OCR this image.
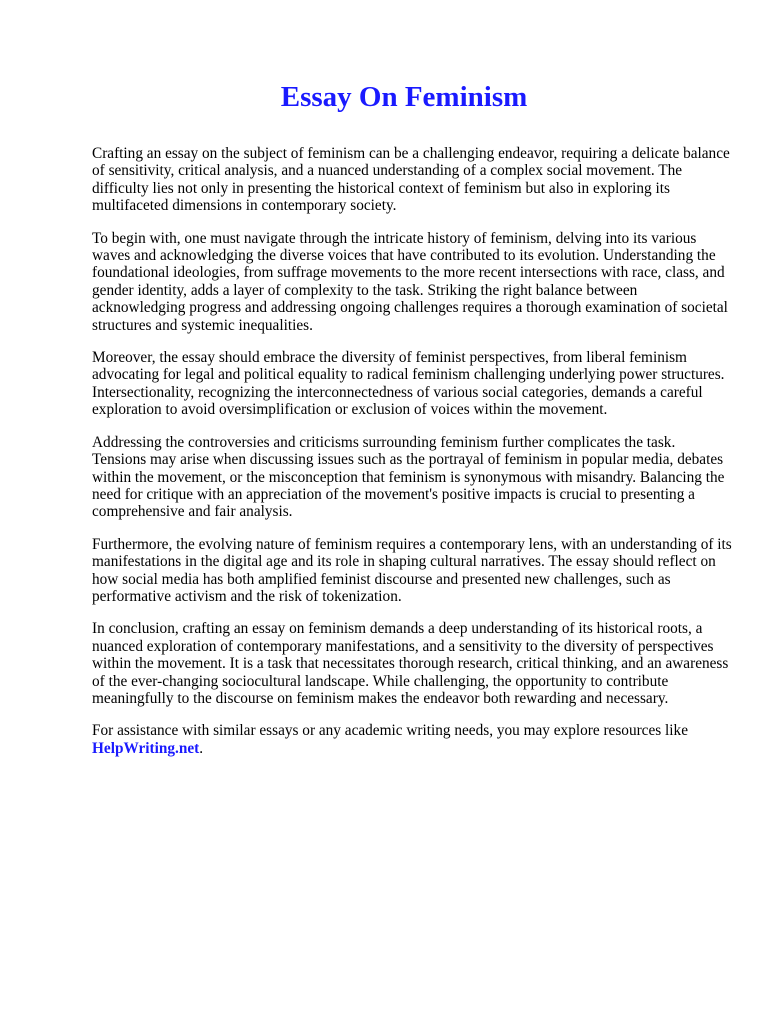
Essay On Feminism

Crafting an essay on the subject of feminism can be a challenging endeavor, requiring a delicate balance of sensitivity, critical analysis, and a nuanced understanding of a complex social movement. The difficulty lies not only in presenting the historical context of feminism but also in exploring its multifaceted dimensions in contemporary society.

To begin with, one must navigate through the intricate history of feminism, delving into its various waves and acknowledging the diverse voices that have contributed to its evolution. Understanding the foundational ideologies, from suffrage movements to the more recent intersections with race, class, and gender identity, adds a layer of complexity to the task. Striking the right balance between acknowledging progress and addressing ongoing challenges requires a thorough examination of societal structures and systemic inequalities.

Moreover, the essay should embrace the diversity of feminist perspectives, from liberal feminism advocating for legal and political equality to radical feminism challenging underlying power structures. Intersectionality, recognizing the interconnectedness of various social categories, demands a careful exploration to avoid oversimplification or exclusion of voices within the movement.

Addressing the controversies and criticisms surrounding feminism further complicates the task. Tensions may arise when discussing issues such as the portrayal of feminism in popular media, debates within the movement, or the misconception that feminism is synonymous with misandry. Balancing the need for critique with an appreciation of the movement's positive impacts is crucial to presenting a comprehensive and fair analysis.

Furthermore, the evolving nature of feminism requires a contemporary lens, with an understanding of its manifestations in the digital age and its role in shaping cultural narratives. The essay should reflect on how social media has both amplified feminist discourse and presented new challenges, such as performative activism and the risk of tokenization.

In conclusion, crafting an essay on feminism demands a deep understanding of its historical roots, a nuanced exploration of contemporary manifestations, and a sensitivity to the diversity of perspectives within the movement. It is a task that necessitates thorough research, critical thinking, and an awareness of the ever-changing sociocultural landscape. While challenging, the opportunity to contribute meaningfully to the discourse on feminism makes the endeavor both rewarding and necessary.

For assistance with similar essays or any academic writing needs, you may explore resources like HelpWriting.net.
